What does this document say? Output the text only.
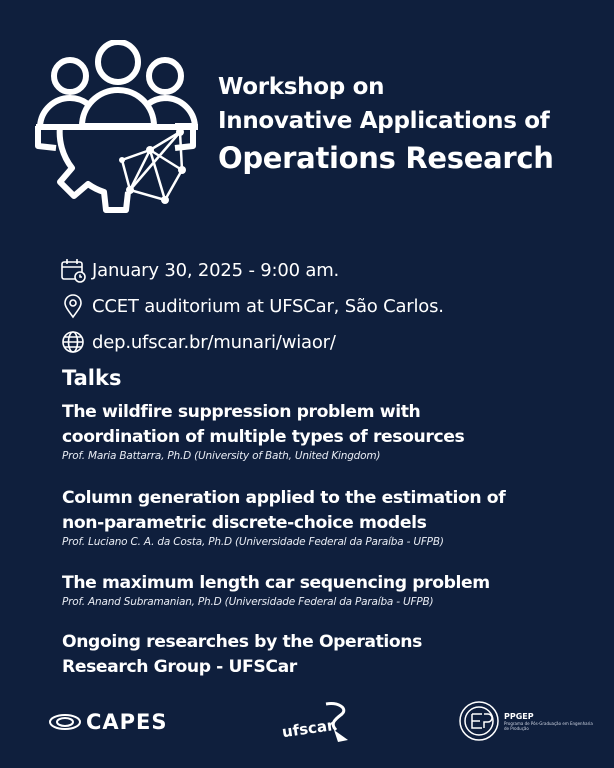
Workshop on
Innovative Applications of
Operations Research
January 30, 2025 - 9:00 am.
CCET auditorium at UFSCar, São Carlos.
dep.ufscar.br/munari/wiaor/
Talks
The wildfire suppression problem with
coordination of multiple types of resources
Prof. Maria Battarra, Ph.D (University of Bath, United Kingdom)
Column generation applied to the estimation of
non-parametric discrete-choice models
Prof. Luciano C. A. da Costa, Ph.D (Universidade Federal da Paraíba - UFPB)
The maximum length car sequencing problem
Prof. Anand Subramanian, Ph.D (Universidade Federal da Paraíba - UFPB)
Ongoing researches by the Operations
Research Group - UFSCar
CAPES	ufscar
PPGEP
Programa de Pós-Graduação em Engenharia de Produção
